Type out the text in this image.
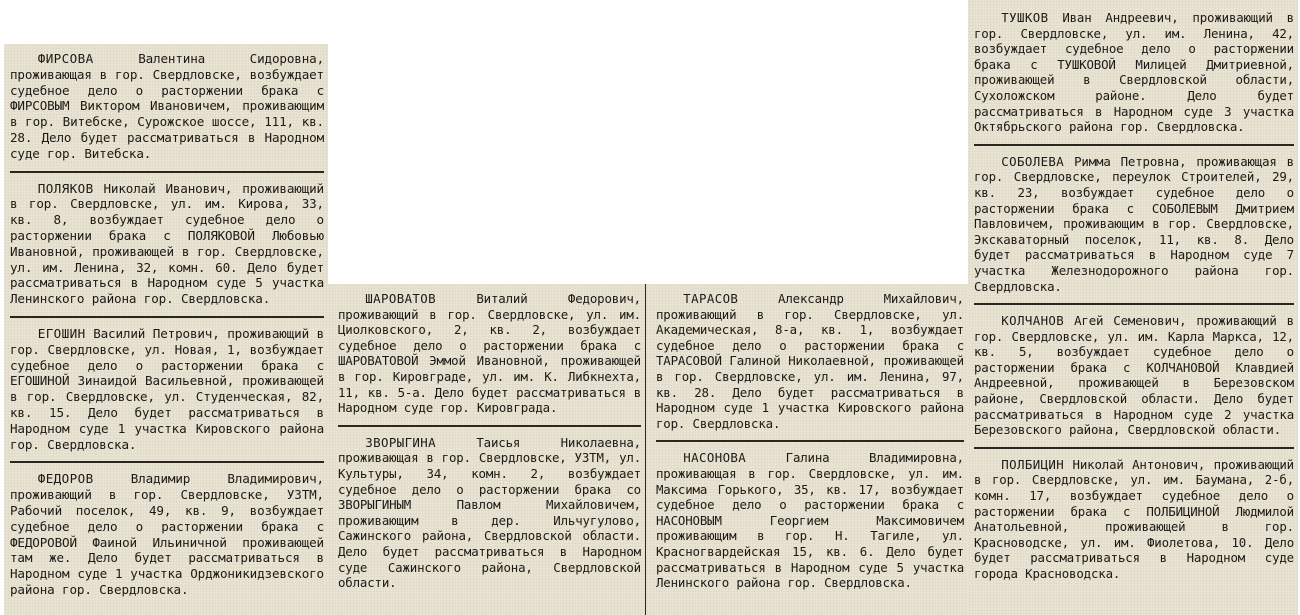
ФИРСОВА Валентина Сидоровна, проживающая в гор. Свердловске, возбуждает судебное дело о расторжении брака с ФИРСОВЫМ Виктором Ивановичем, проживающим в гор. Витебске, Сурожское шоссе, 111, кв. 28. Дело будет рассматриваться в Народном суде гор. Витебска.

ПОЛЯКОВ Николай Иванович, проживающий в гор. Свердловске, ул. им. Кирова, 33, кв. 8, возбуждает судебное дело о расторжении брака с ПОЛЯКОВОЙ Любовью Ивановной, проживающей в гор. Свердловске, ул. им. Ленина, 32, комн. 60. Дело будет рассматриваться в Народном суде 5 участка Ленинского района гор. Свердловска.

ЕГОШИН Василий Петрович, проживающий в гор. Свердловске, ул. Новая, 1, возбуждает судебное дело о расторжении брака с ЕГОШИНОЙ Зинаидой Васильевной, проживающей в гор. Свердловске, ул. Студенческая, 82, кв. 15. Дело будет рассматриваться в Народном суде 1 участка Кировского района гор. Свердловска.

ФЕДОРОВ Владимир Владимирович, проживающий в гор. Свердловске, УЗТМ, Рабочий поселок, 49, кв. 9, возбуждает судебное дело о расторжении брака с ФЕДОРОВОЙ Фаиной Ильиничной проживающей там же. Дело будет рассматриваться в Народном суде 1 участка Орджоникидзевского района гор. Свердловска.

ШАРОВАТОВ Виталий Федорович, проживающий в гор. Свердловске, ул. им. Циолковского, 2, кв. 2, возбуждает судебное дело о расторжении брака с ШАРОВАТОВОЙ Эммой Ивановной, проживающей в гор. Кировграде, ул. им. К. Либкнехта, 11, кв. 5-а. Дело будет рассматриваться в Народном суде гор. Кировграда.

ЗВОРЫГИНА Таисья Николаевна, проживающая в гор. Свердловске, УЗТМ, ул. Культуры, 34, комн. 2, возбуждает судебное дело о расторжении брака со ЗВОРЫГИНЫМ Павлом Михайловичем, проживающим в дер. Ильчугулово, Сажинского района, Свердловской области. Дело будет рассматриваться в Народном суде Сажинского района, Свердловской области.

ТАРАСОВ Александр Михайлович, проживающий в гор. Свердловске, ул. Академическая, 8-а, кв. 1, возбуждает судебное дело о расторжении брака с ТАРАСОВОЙ Галиной Николаевной, проживающей в гор. Свердловске, ул. им. Ленина, 97, кв. 28. Дело будет рассматриваться в Народном суде 1 участка Кировского района гор. Свердловска.

НАСОНОВА Галина Владимировна, проживающая в гор. Свердловске, ул. им. Максима Горького, 35, кв. 17, возбуждает судебное дело о расторжении брака с НАСОНОВЫМ Георгием Максимовичем проживающим в гор. Н. Тагиле, ул. Красногвардейская 15, кв. 6. Дело будет рассматриваться в Народном суде 5 участка Ленинского района гор. Свердловска.

ТУШКОВ Иван Андреевич, проживающий в гор. Свердловске, ул. им. Ленина, 42, возбуждает судебное дело о расторжении брака с ТУШКОВОЙ Милицей Дмитриевной, проживающей в Свердловской области, Сухоложском районе. Дело будет рассматриваться в Народном суде 3 участка Октябрьского района гор. Свердловска.

СОБОЛЕВА Римма Петровна, проживающая в гор. Свердловске, переулок Строителей, 29, кв. 23, возбуждает судебное дело о расторжении брака с СОБОЛЕВЫМ Дмитрием Павловичем, проживающим в гор. Свердловске, Экскаваторный поселок, 11, кв. 8. Дело будет рассматриваться в Народном суде 7 участка Железнодорожного района гор. Свердловска.

КОЛЧАНОВ Агей Семенович, проживающий в гор. Свердловске, ул. им. Карла Маркса, 12, кв. 5, возбуждает судебное дело о расторжении брака с КОЛЧАНОВОЙ Клавдией Андреевной, проживающей в Березовском районе, Свердловской области. Дело будет рассматриваться в Народном суде 2 участка Березовского района, Свердловской области.

ПОЛБИЦИН Николай Антонович, проживающий в гор. Свердловске, ул. им. Баумана, 2-б, комн. 17, возбуждает судебное дело о расторжении брака с ПОЛБИЦИНОЙ Людмилой Анатольевной, проживающей в гор. Красноводске, ул. им. Фиолетова, 10. Дело будет рассматриваться в Народном суде города Красноводска.
